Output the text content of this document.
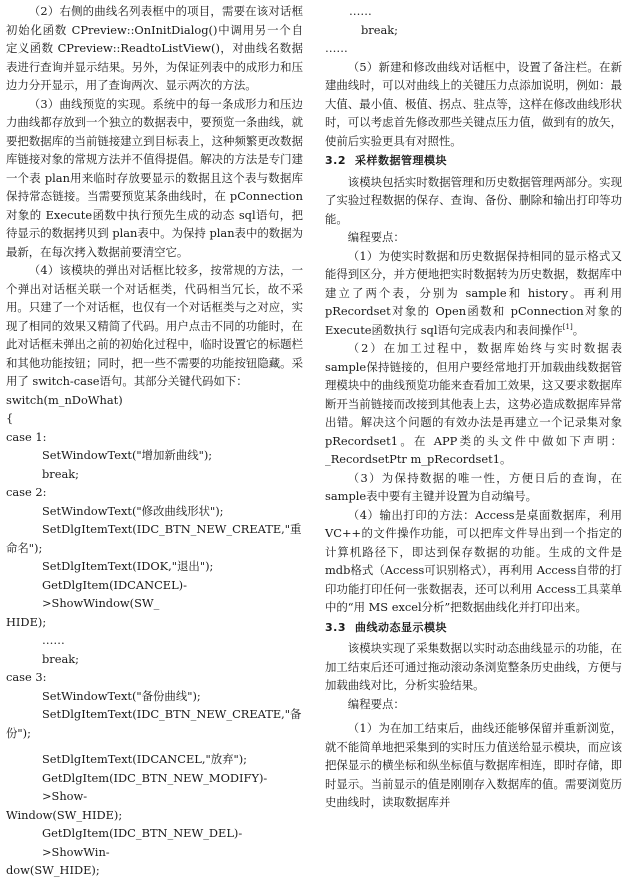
（2）右侧的曲线名列表框中的项目，需要在该对话框初始化函数 CPreview::OnInitDialog()中调用另一个自定义函数 CPreview::ReadtoListView()，对曲线名数据表进行查询并显示结果。另外，为保证列表中的成形力和压边力分开显示，用了查询两次、显示两次的方法。

（3）曲线预览的实现。系统中的每一条成形力和压边力曲线都存放到一个独立的数据表中，要预览一条曲线，就要把数据库的当前链接建立到目标表上，这种频繁更改数据库链接对象的常规方法并不值得提倡。解决的方法是专门建一个表 plan用来临时存放要显示的数据且这个表与数据库保持常态链接。当需要预览某条曲线时，在 pConnection对象的 Execute函数中执行预先生成的动态 sql语句，把待显示的数据拷贝到 plan表中。为保持 plan表中的数据为最新，在每次拷入数据前要清空它。

（4）该模块的弹出对话框比较多，按常规的方法，一个弹出对话框关联一个对话框类，代码相当冗长，故不采用。只建了一个对话框，也仅有一个对话框类与之对应，实现了相同的效果又精简了代码。用户点击不同的功能时，在此对话框未弹出之前的初始化过程中，临时设置它的标题栏和其他功能按钮；同时，把一些不需要的功能按钮隐藏。采用了 switch-case语句。其部分关键代码如下：

switch(m_nDoWhat)

{

case 1:

SetWindowText("增加新曲线");

break;

case 2:

SetWindowText("修改曲线形状");

SetDlgItemText(IDC_BTN_NEW_CREATE,"重

命名");

SetDlgItemText(IDOK,"退出");

GetDlgItem(IDCANCEL)->ShowWindow(SW_

HIDE);

……

break;

case 3:

SetWindowText("备份曲线");

SetDlgItemText(IDC_BTN_NEW_CREATE,"备

份");

SetDlgItemText(IDCANCEL,"放弃");

GetDlgItem(IDC_BTN_NEW_MODIFY)->Show-

Window(SW_HIDE);

GetDlgItem(IDC_BTN_NEW_DEL)->ShowWin-

dow(SW_HIDE);

……

break;

……

（5）新建和修改曲线对话框中，设置了备注栏。在新建曲线时，可以对曲线上的关键压力点添加说明，例如：最大值、最小值、极值、拐点、驻点等，这样在修改曲线形状时，可以考虑首先修改那些关键点压力值，做到有的放矢，使前后实验更具有对照性。

3.2 采样数据管理模块

该模块包括实时数据管理和历史数据管理两部分。实现了实验过程数据的保存、查询、备份、删除和输出打印等功能。

编程要点：

（1）为使实时数据和历史数据保持相同的显示格式又能得到区分，并方便地把实时数据转为历史数据，数据库中建立了两个表，分别为 sample和 history。再利用 pRecordset对象的 Open函数和 pConnection对象的 Execute函数执行 sql语句完成表内和表间操作[1]。

（2）在加工过程中，数据库始终与实时数据表sample保持链接的，但用户要经常地打开加载曲线数据管理模块中的曲线预览功能来查看加工效果，这又要求数据库断开当前链接而改接到其他表上去，这势必造成数据库异常出错。解决这个问题的有效办法是再建立一个记录集对象 pRecordset1。在 APP类的头文件中做如下声明：_RecordsetPtr m_pRecordset1。

（3）为保持数据的唯一性，方便日后的查询，在 sample表中要有主键并设置为自动编号。

（4）输出打印的方法：Access是桌面数据库，利用 VC++的文件操作功能，可以把库文件导出到一个指定的计算机路径下，即达到保存数据的功能。生成的文件是 mdb格式（Access可识别格式），再利用 Access自带的打印功能打印任何一张数据表，还可以利用 Access工具菜单中的“用 MS excel分析”把数据曲线化并打印出来。

3.3 曲线动态显示模块

该模块实现了采集数据以实时动态曲线显示的功能，在加工结束后还可通过拖动滚动条浏览整条历史曲线，方便与加载曲线对比，分析实验结果。

编程要点：

（1）为在加工结束后，曲线还能够保留并重新浏览，就不能简单地把采集到的实时压力值送给显示模块，而应该把保显示的横坐标和纵坐标值与数据库相连，即时存储，即时显示。当前显示的值是刚刚存入数据库的值。需要浏览历史曲线时，读取数据库并
